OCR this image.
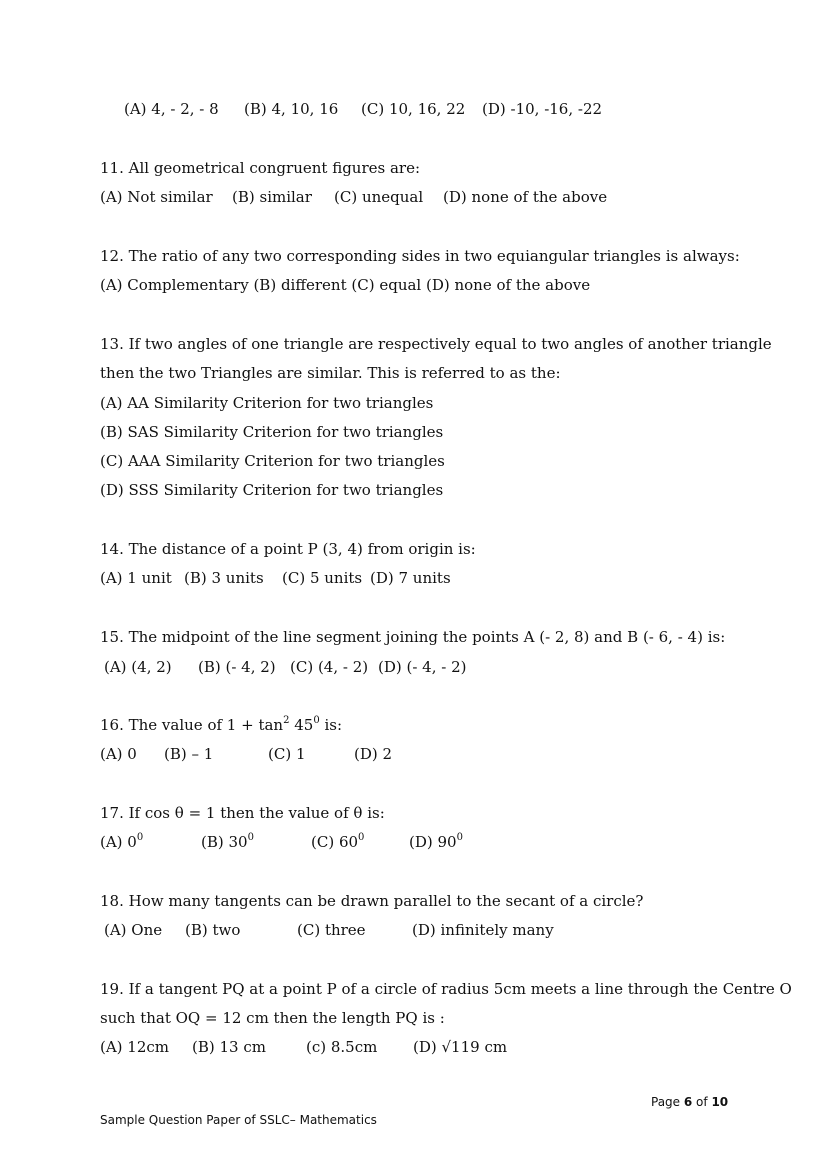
(A) 4, - 2, - 8 (B) 4, 10, 16 (C) 10, 16, 22 (D) -10, -16, -22
11. All geometrical congruent figures are:
(A) Not similar (B) similar (C) unequal (D) none of the above
12. The ratio of any two corresponding sides in two equiangular triangles is always:
(A) Complementary (B) different (C) equal (D) none of the above
13. If two angles of one triangle are respectively equal to two angles of another triangle
then the two Triangles are similar. This is referred to as the:
(A) AA Similarity Criterion for two triangles
(B) SAS Similarity Criterion for two triangles
(C) AAA Similarity Criterion for two triangles
(D) SSS Similarity Criterion for two triangles
14. The distance of a point P (3, 4) from origin is:
(A) 1 unit (B) 3 units (C) 5 units (D) 7 units
15. The midpoint of the line segment joining the points A (- 2, 8) and B (- 6, - 4) is:
(A) (4, 2) (B) (- 4, 2) (C) (4, - 2) (D) (- 4, - 2)
16. The value of $1 + \tan^2 45^0$ is:
(A) 0 (B) – 1	(C) 1	(D) 2
17. If cos θ = 1 then the value of θ is:
(A) $0^0$	(B) $30^0$	(C) $60^0$	(D) $90^0$
18. How many tangents can be drawn parallel to the secant of a circle?
(A) One (B) two	(C) three	(D) infinitely many
19. If a tangent PQ at a point P of a circle of radius 5cm meets a line through the Centre O
such that OQ = 12 cm then the length PQ is :
(A) 12cm (B) 13 cm	(c) 8.5cm (D) √119 cm
Page 6 of 10
Sample Question Paper of SSLC– Mathematics
